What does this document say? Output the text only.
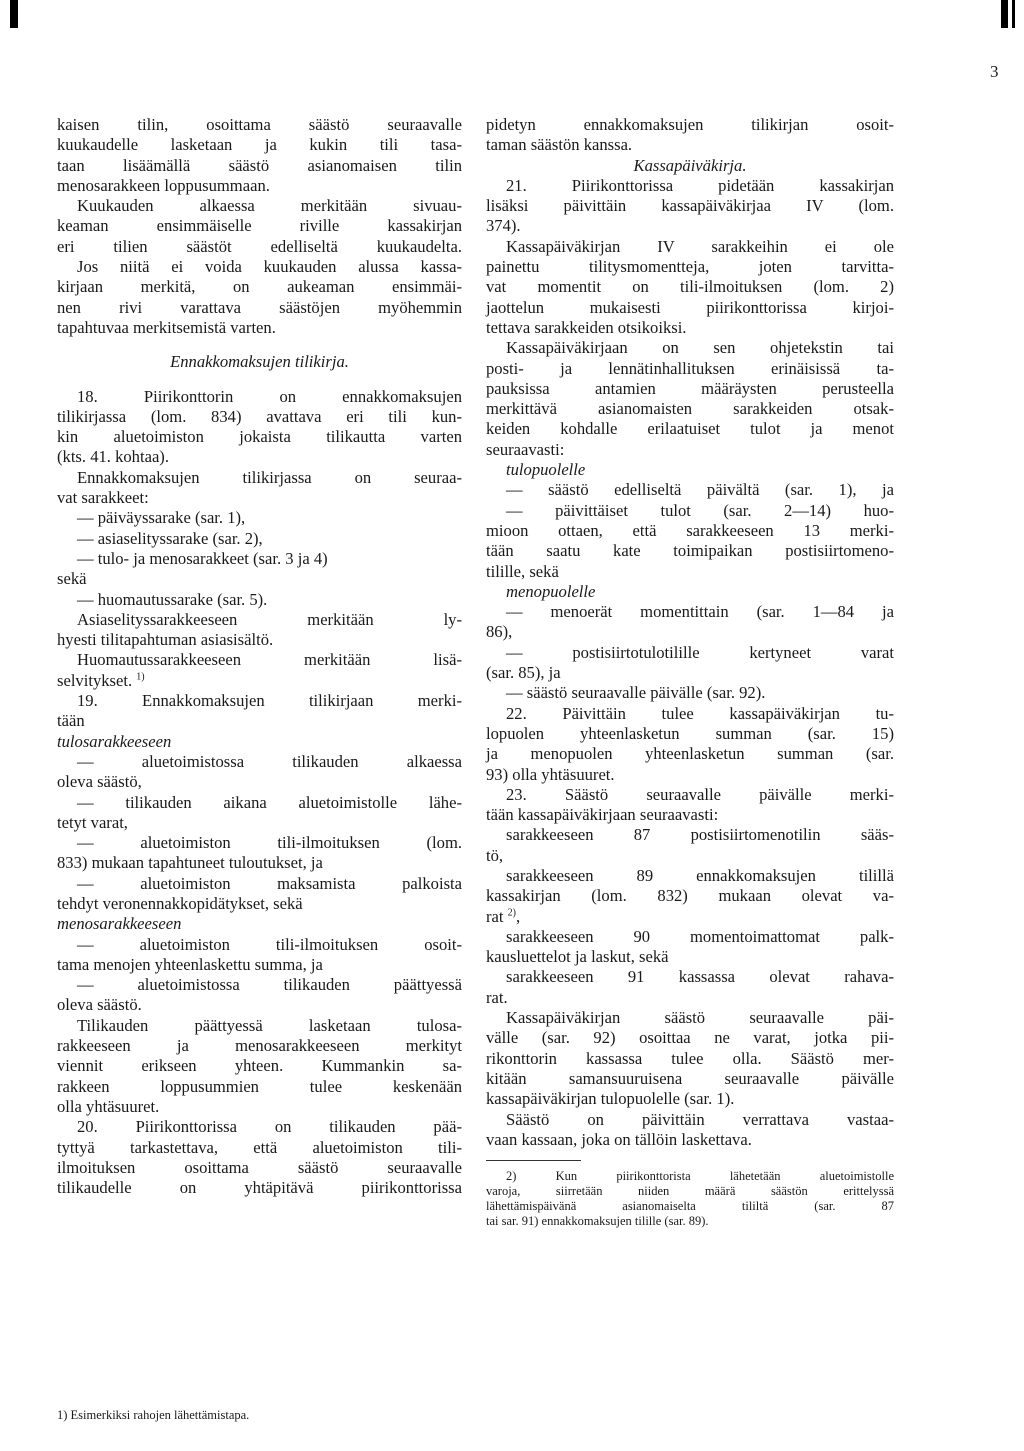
3
kaisen tilin, osoittama säästö seuraavalle
kuukaudelle lasketaan ja kukin tili tasa-
taan lisäämällä säästö asianomaisen tilin
menosarakkeen loppusummaan.
Kuukauden alkaessa merkitään sivuau-
keaman ensimmäiselle riville kassakirjan
eri tilien säästöt edelliseltä kuukaudelta.
Jos niitä ei voida kuukauden alussa kassa-
kirjaan merkitä, on aukeaman ensimmäi-
nen rivi varattava säästöjen myöhemmin
tapahtuvaa merkitsemistä varten.
Ennakkomaksujen tilikirja.
18. Piirikonttorin on ennakkomaksujen
tilikirjassa (lom. 834) avattava eri tili kun-
kin aluetoimiston jokaista tilikautta varten
(kts. 41. kohtaa).
Ennakkomaksujen tilikirjassa on seuraa-
vat sarakkeet:
— päiväyssarake (sar. 1),
— asiaselityssarake (sar. 2),
— tulo- ja menosarakkeet (sar. 3 ja 4)
sekä
— huomautussarake (sar. 5).
Asiaselityssarakkeeseen merkitään ly-
hyesti tilitapahtuman asiasisältö.
Huomautussarakkeeseen merkitään lisä-
selvitykset. $^{1)}$
19. Ennakkomaksujen tilikirjaan merki-
tään
tulosarakkeeseen
— aluetoimistossa tilikauden alkaessa
oleva säästö,
— tilikauden aikana aluetoimistolle lähe-
tetyt varat,
— aluetoimiston tili-ilmoituksen (lom.
833) mukaan tapahtuneet tuloutukset, ja
— aluetoimiston maksamista palkoista
tehdyt veronennakkopidätykset, sekä
menosarakkeeseen
— aluetoimiston tili-ilmoituksen osoit-
tama menojen yhteenlaskettu summa, ja
— aluetoimistossa tilikauden päättyessä
oleva säästö.
Tilikauden päättyessä lasketaan tulosa-
rakkeeseen ja menosarakkeeseen merkityt
viennit erikseen yhteen. Kummankin sa-
rakkeen loppusummien tulee keskenään
olla yhtäsuuret.
20. Piirikonttorissa on tilikauden pää-
tyttyä tarkastettava, että aluetoimiston tili-
ilmoituksen osoittama säästö seuraavalle
tilikaudelle on yhtäpitävä piirikonttorissa
1) Esimerkiksi rahojen lähettämistapa.
pidetyn ennakkomaksujen tilikirjan osoit-
taman säästön kanssa.
Kassapäiväkirja.
21. Piirikonttorissa pidetään kassakirjan
lisäksi päivittäin kassapäiväkirjaa IV (lom.
374).
Kassapäiväkirjan IV sarakkeihin ei ole
painettu tilitysmomentteja, joten tarvitta-
vat momentit on tili-ilmoituksen (lom. 2)
jaottelun mukaisesti piirikonttorissa kirjoi-
tettava sarakkeiden otsikoiksi.
Kassapäiväkirjaan on sen ohjetekstin tai
posti- ja lennätinhallituksen erinäisissä ta-
pauksissa antamien määräysten perusteella
merkittävä asianomaisten sarakkeiden otsak-
keiden kohdalle erilaatuiset tulot ja menot
seuraavasti:
tulopuolelle
— säästö edelliseltä päivältä (sar. 1), ja
— päivittäiset tulot (sar. 2—14) huo-
mioon ottaen, että sarakkeeseen 13 merki-
tään saatu kate toimipaikan postisiirtomeno-
tilille, sekä
menopuolelle
— menoerät momentittain (sar. 1—84 ja
86),
— postisiirtotulotilille kertyneet varat
(sar. 85), ja
— säästö seuraavalle päivälle (sar. 92).
22. Päivittäin tulee kassapäiväkirjan tu-
lopuolen yhteenlasketun summan (sar. 15)
ja menopuolen yhteenlasketun summan (sar.
93) olla yhtäsuuret.
23. Säästö seuraavalle päivälle merki-
tään kassapäiväkirjaan seuraavasti:
sarakkeeseen 87 postisiirtomenotilin sääs-
tö,
sarakkeeseen 89 ennakkomaksujen tilillä
kassakirjan (lom. 832) mukaan olevat va-
rat $^{2)}$,
sarakkeeseen 90 momentoimattomat palk-
kausluettelot ja laskut, sekä
sarakkeeseen 91 kassassa olevat rahava-
rat.
Kassapäiväkirjan säästö seuraavalle päi-
välle (sar. 92) osoittaa ne varat, jotka pii-
rikonttorin kassassa tulee olla. Säästö mer-
kitään samansuuruisena seuraavalle päivälle
kassapäiväkirjan tulopuolelle (sar. 1).
Säästö on päivittäin verrattava vastaa-
vaan kassaan, joka on tällöin laskettava.
2) Kun piirikonttorista lähetetään aluetoimistolle
varoja, siirretään niiden määrä säästön erittelyssä
lähettämispäivänä asianomaiselta tililtä (sar. 87
tai sar. 91) ennakkomaksujen tilille (sar. 89).
